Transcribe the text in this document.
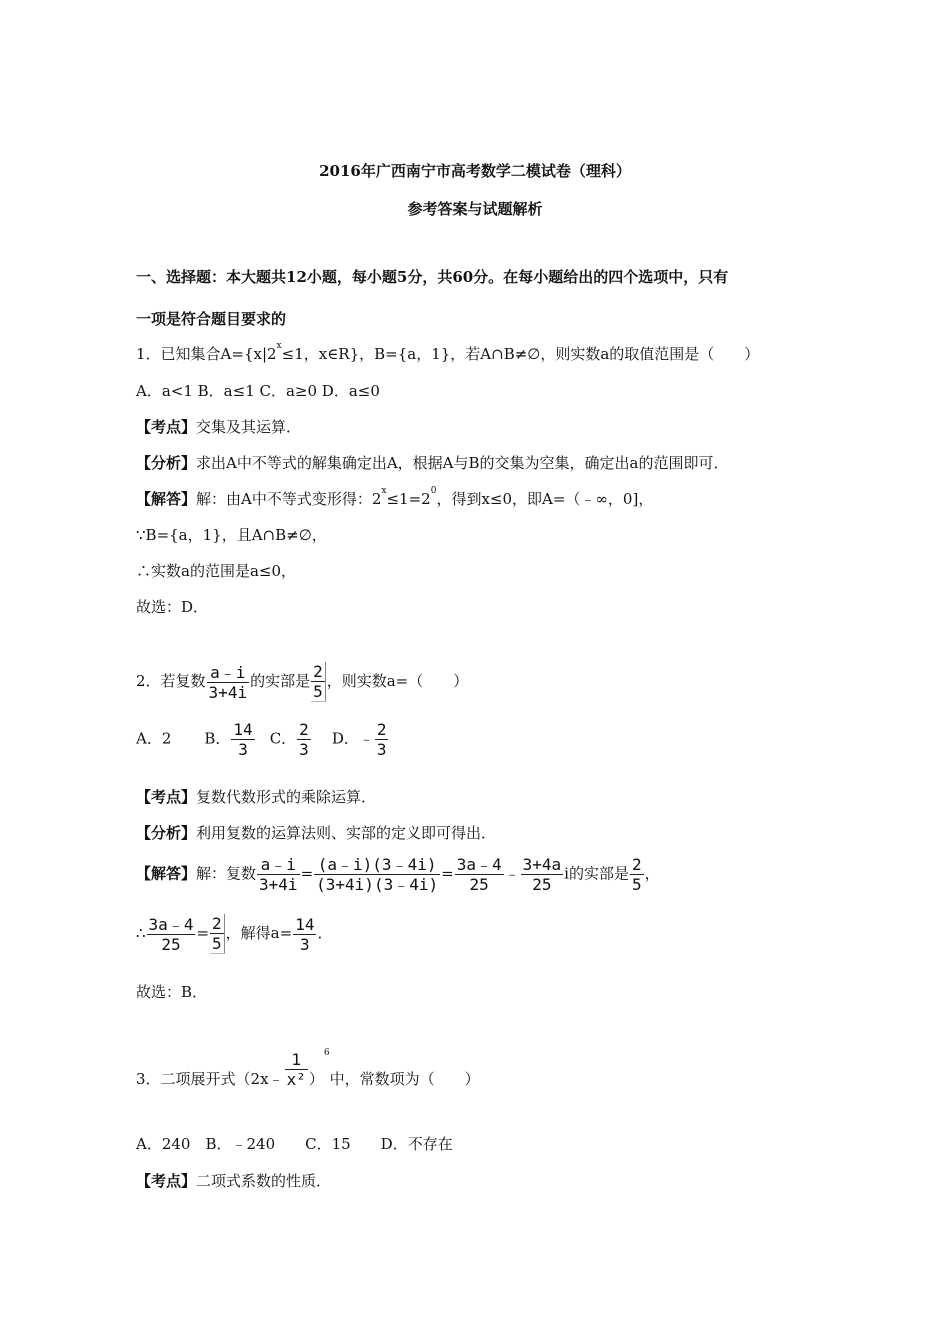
2016年广西南宁市高考数学二模试卷（理科）
参考答案与试题解析
一、选择题：本大题共12小题，每小题5分，共60分。在每小题给出的四个选项中，只有
一项是符合题目要求的
1．已知集合$A=\{x|2^x\le 1$，x∈R}，B={a，1}，若A∩B≠∅，则实数a的取值范围是（　　）
A．a<1 B．a≤1 C．a≥0 D．a≤0
【考点】交集及其运算．
【分析】求出A中不等式的解集确定出A，根据A与B的交集为空集，确定出a的范围即可．
【解答】解：由A中不等式变形得：$2^x\le 1=2^0$，得到x≤0，即A=（﹣∞，0]，
∵B={a，1}，且A∩B≠∅，
∴实数a的范围是a≤0，
故选：D．
2．若复数 $\frac{a﹣i}{3+4i}$ 的实部是 $\frac{2}{5}$ ，则实数a=（　　）
A．2　B． $\frac{14}{3}$ C． $\frac{2}{3}$ D．﹣ $\frac{2}{3}$
【考点】复数代数形式的乘除运算．
【分析】利用复数的运算法则、实部的定义即可得出．
【解答】解：复数 $\frac{a﹣i}{3+4i} = \frac{(a﹣i)(3﹣4i)}{(3+4i)(3﹣4i)} = \frac{3a﹣4}{25}$ ﹣ $\frac{3+4a}{25}$ i的实部是 $\frac{2}{5}$ ，
∴ $\frac{3a﹣4}{25} = \frac{2}{5}$ ，解得$a= \frac{14}{3}$ ．
故选：B．
3．二项展开式（2x﹣ $\frac{1}{\text{x²}} )^6$中，常数项为（　　）
A．240　B．﹣240　　C．15　　D．不存在
【考点】二项式系数的性质．
